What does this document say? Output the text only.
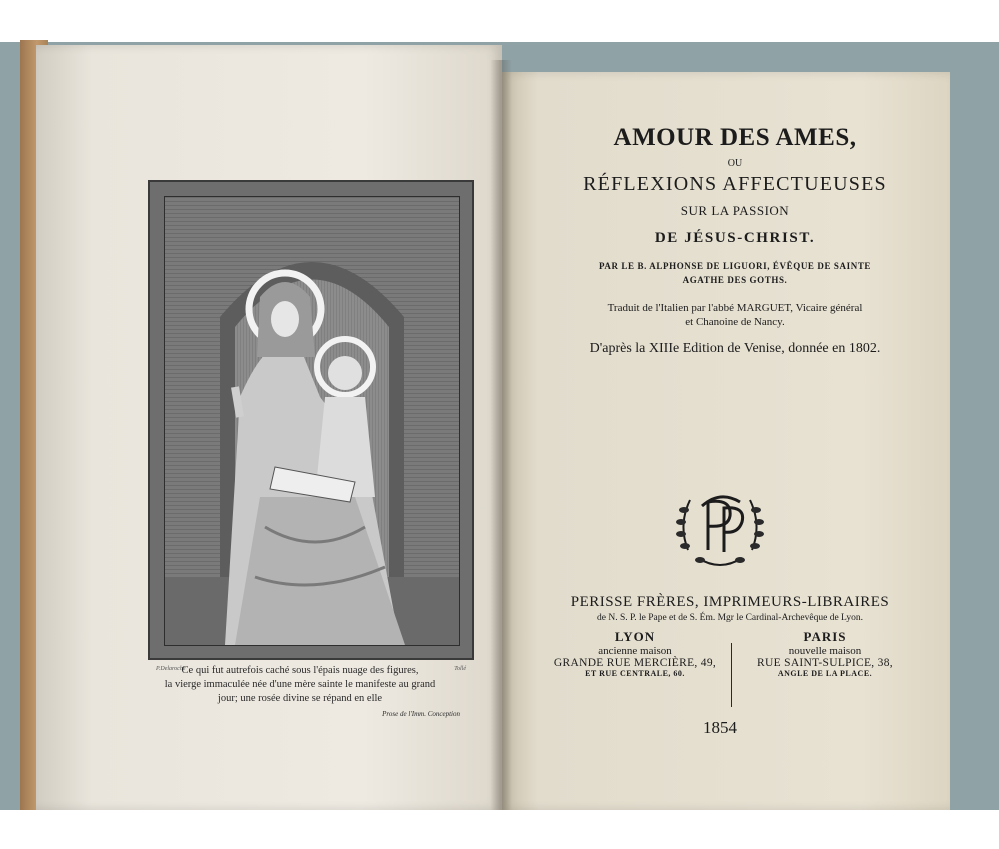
P.Delaroche	Tollé
Ce qui fut autrefois caché sous l'épais nuage des figures,
la vierge immaculée née d'une mère sainte le manifeste au grand
jour; une rosée divine se répand en elle
Prose de l'Imm. Conception
AMOUR DES AMES,
OU
RÉFLEXIONS AFFECTUEUSES
SUR LA PASSION
DE JÉSUS-CHRIST.
PAR LE B. ALPHONSE DE LIGUORI, ÉVÊQUE DE SAINTE
AGATHE DES GOTHS.
Traduit de l'Italien par l'abbé MARGUET, Vicaire général
et Chanoine de Nancy.
D'après la XIIIe Edition de Venise, donnée en 1802.
PERISSE FRÈRES, IMPRIMEURS-LIBRAIRES
de N. S. P. le Pape et de S. Ém. Mgr le Cardinal-Archevêque de Lyon.
LYON
ancienne maison
GRANDE RUE MERCIÈRE, 49,
ET RUE CENTRALE, 60.
PARIS
nouvelle maison
RUE SAINT-SULPICE, 38,
ANGLE DE LA PLACE.
1854
